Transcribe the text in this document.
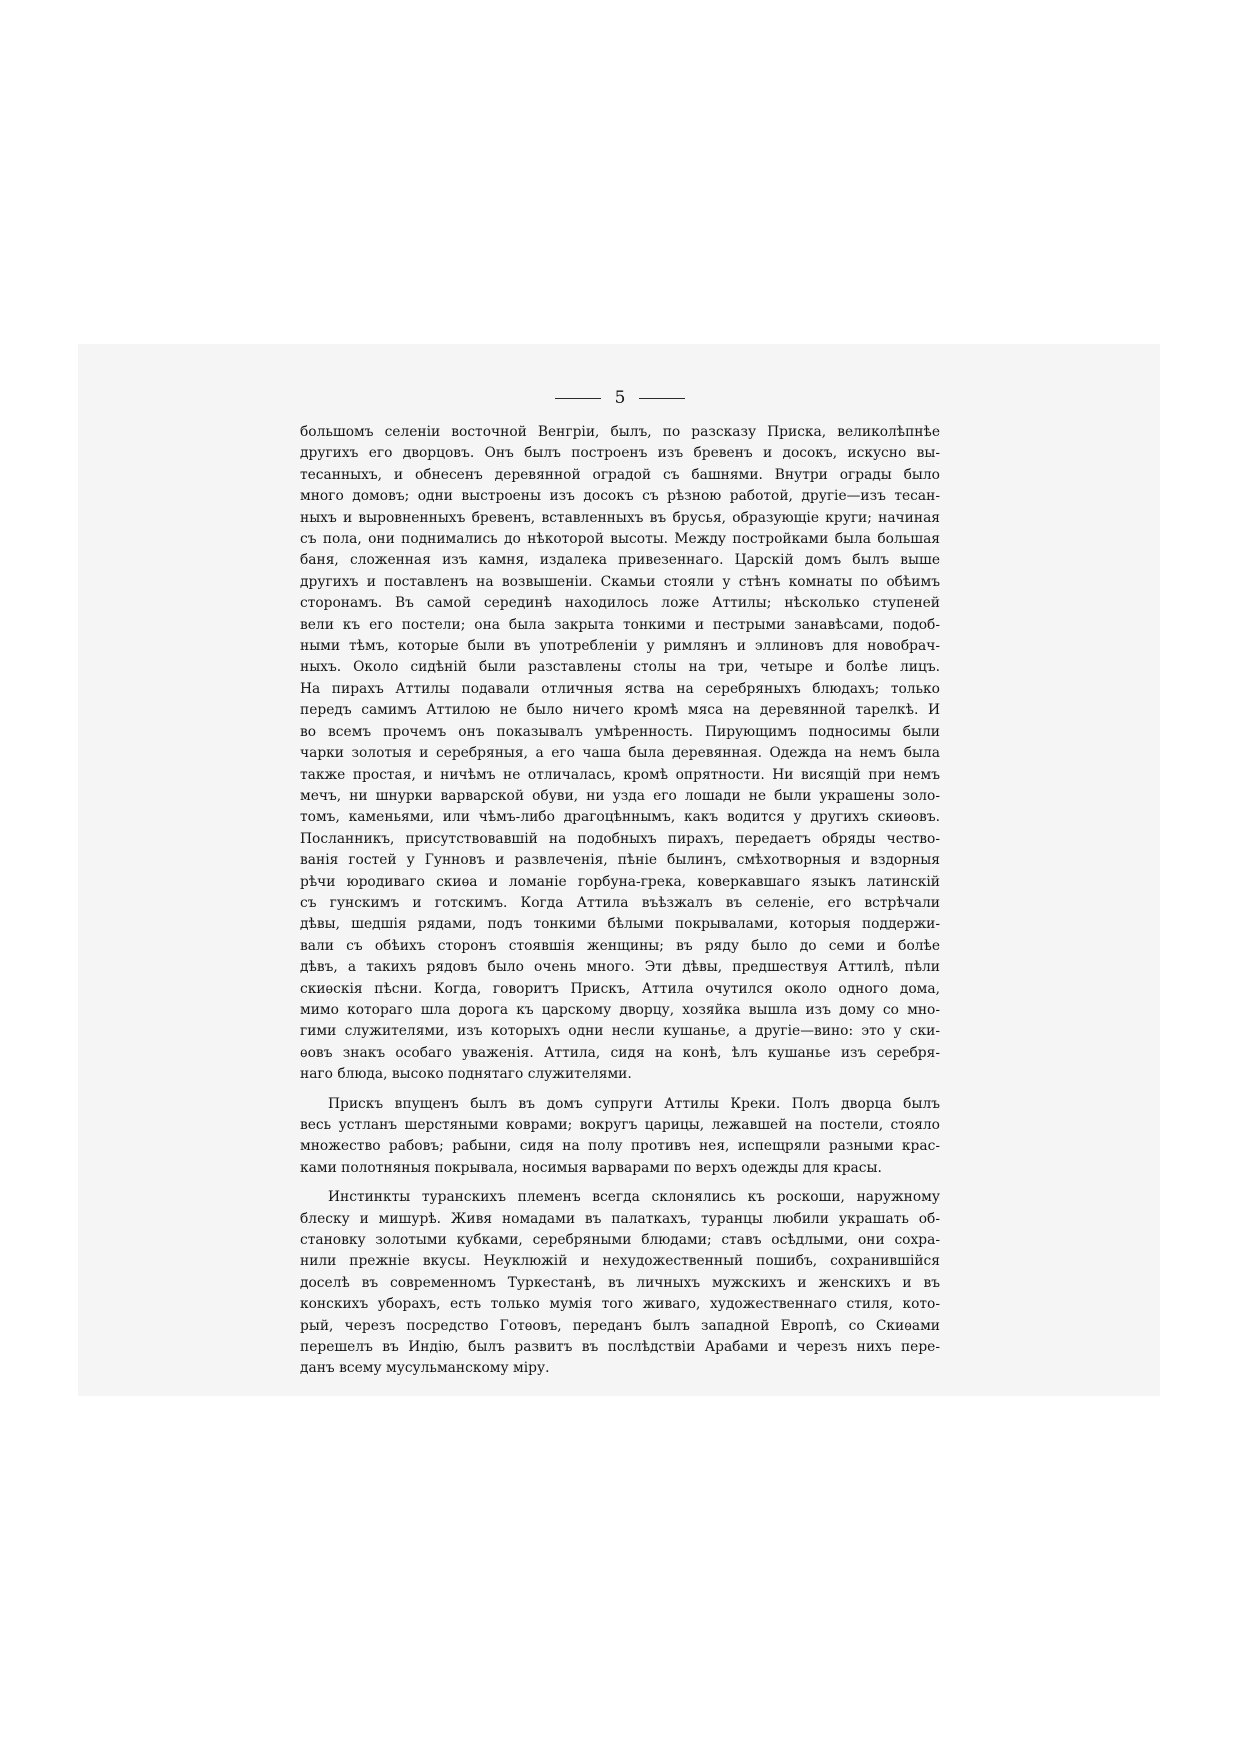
5
большомъ селеніи восточной Венгріи, былъ, по разсказу Приска, великолѣпнѣе
другихъ его дворцовъ. Онъ былъ построенъ изъ бревенъ и досокъ, искусно вы-
тесанныхъ, и обнесенъ деревянной оградой съ башнями. Внутри ограды было
много домовъ; одни выстроены изъ досокъ съ рѣзною работой, другіе—изъ тесан-
ныхъ и выровненныхъ бревенъ, вставленныхъ въ брусья, образующіе круги; начиная
съ пола, они поднимались до нѣкоторой высоты. Между постройками была большая
баня, сложенная изъ камня, издалека привезеннаго. Царскій домъ былъ выше
другихъ и поставленъ на возвышеніи. Скамьи стояли у стѣнъ комнаты по обѣимъ
сторонамъ. Въ самой серединѣ находилось ложе Аттилы; нѣсколько ступеней
вели къ его постели; она была закрыта тонкими и пестрыми занавѣсами, подоб-
ными тѣмъ, которые были въ употребленіи у римлянъ и эллиновъ для новобрач-
ныхъ. Около сидѣній были разставлены столы на три, четыре и болѣе лицъ.
На пирахъ Аттилы подавали отличныя яства на серебряныхъ блюдахъ; только
передъ самимъ Аттилою не было ничего кромѣ мяса на деревянной тарелкѣ. И
во всемъ прочемъ онъ показывалъ умѣренность. Пирующимъ подносимы были
чарки золотыя и серебряныя, а его чаша была деревянная. Одежда на немъ была
также простая, и ничѣмъ не отличалась, кромѣ опрятности. Ни висящій при немъ
мечъ, ни шнурки варварской обуви, ни узда его лошади не были украшены золо-
томъ, каменьями, или чѣмъ-либо драгоцѣннымъ, какъ водится у другихъ скиѳовъ.
Посланникъ, присутствовавшій на подобныхъ пирахъ, передаетъ обряды чество-
ванія гостей у Гунновъ и развлеченія, пѣніе былинъ, смѣхотворныя и вздорныя
рѣчи юродиваго скиѳа и ломаніе горбуна-грека, коверкавшаго языкъ латинскій
съ гунскимъ и готскимъ. Когда Аттила въѣзжалъ въ селеніе, его встрѣчали
дѣвы, шедшія рядами, подъ тонкими бѣлыми покрывалами, которыя поддержи-
вали съ обѣихъ сторонъ стоявшія женщины; въ ряду было до семи и болѣе
дѣвъ, а такихъ рядовъ было очень много. Эти дѣвы, предшествуя Аттилѣ, пѣли
скиѳскія пѣсни. Когда, говоритъ Прискъ, Аттила очутился около одного дома,
мимо котораго шла дорога къ царскому дворцу, хозяйка вышла изъ дому со мно-
гими служителями, изъ которыхъ одни несли кушанье, а другіе—вино: это у ски-
ѳовъ знакъ особаго уваженія. Аттила, сидя на конѣ, ѣлъ кушанье изъ серебря-
наго блюда, высоко поднятаго служителями.
Прискъ впущенъ былъ въ домъ супруги Аттилы Креки. Полъ дворца былъ
весь устланъ шерстяными коврами; вокругъ царицы, лежавшей на постели, стояло
множество рабовъ; рабыни, сидя на полу противъ нея, испещряли разными крас-
ками полотняныя покрывала, носимыя варварами по верхъ одежды для красы.
Инстинкты туранскихъ племенъ всегда склонялись къ роскоши, наружному
блеску и мишурѣ. Живя номадами въ палаткахъ, туранцы любили украшать об-
становку золотыми кубками, серебряными блюдами; ставъ осѣдлыми, они сохра-
нили прежніе вкусы. Неуклюжій и нехудожественный пошибъ, сохранившійся
доселѣ въ современномъ Туркестанѣ, въ личныхъ мужскихъ и женскихъ и въ
конскихъ уборахъ, есть только мумія того живаго, художественнаго стиля, кото-
рый, черезъ посредство Готѳовъ, переданъ былъ западной Европѣ, со Скиѳами
перешелъ въ Индію, былъ развитъ въ послѣдствіи Арабами и черезъ нихъ пере-
данъ всему мусульманскому міру.
